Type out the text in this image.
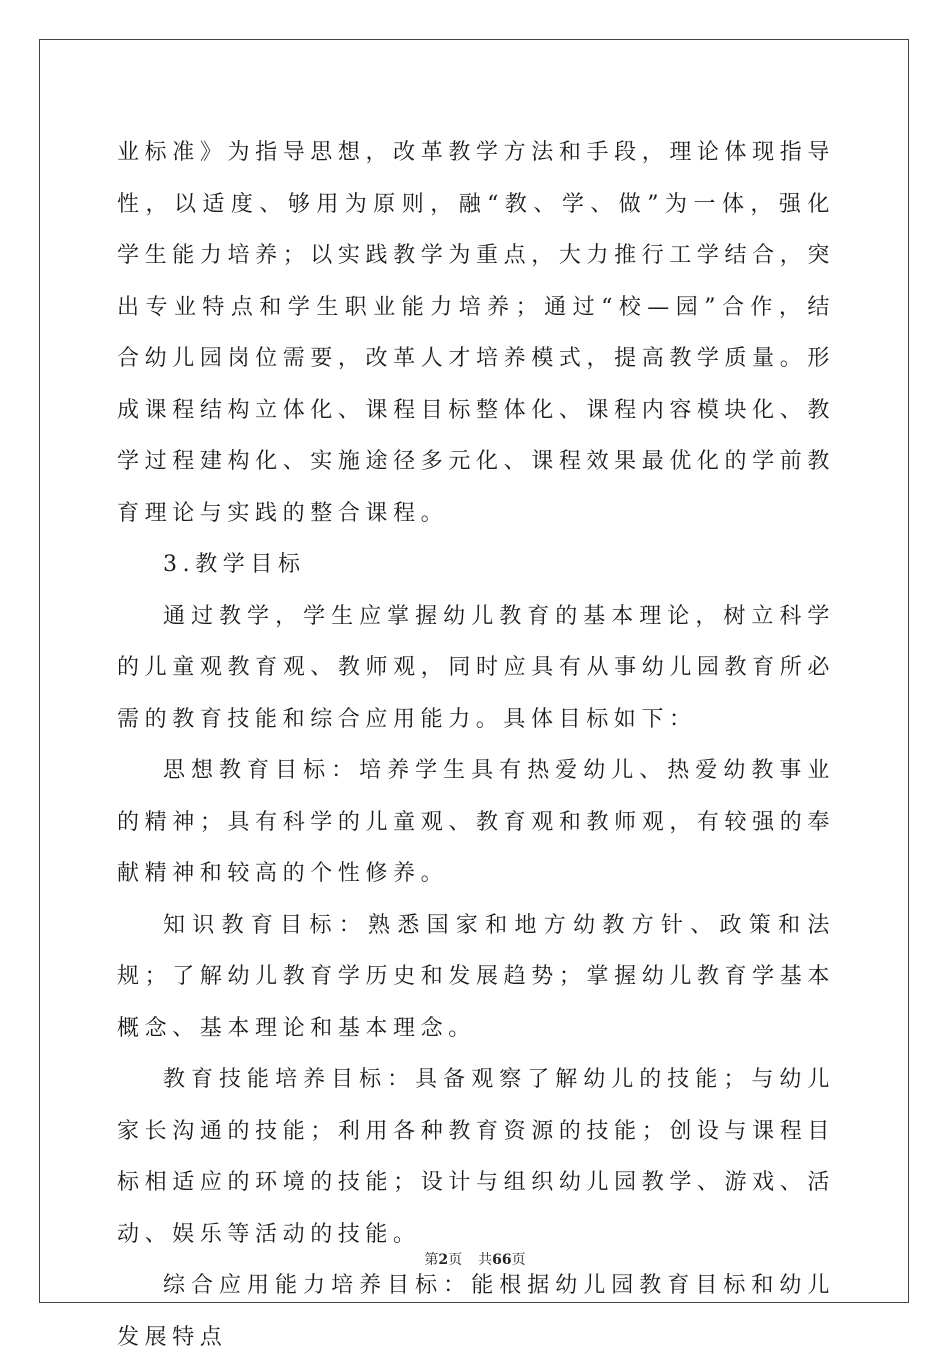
业标准》为指导思想，改革教学方法和手段，理论体现指导性，以适度、够用为原则，融“教、学、做”为一体，强化学生能力培养；以实践教学为重点，大力推行工学结合，突出专业特点和学生职业能力培养；通过“校—园”合作，结合幼儿园岗位需要，改革人才培养模式，提高教学质量。形成课程结构立体化、课程目标整体化、课程内容模块化、教学过程建构化、实施途径多元化、课程效果最优化的学前教育理论与实践的整合课程。

3.教学目标

通过教学，学生应掌握幼儿教育的基本理论，树立科学的儿童观教育观、教师观，同时应具有从事幼儿园教育所必需的教育技能和综合应用能力。具体目标如下：

思想教育目标：培养学生具有热爱幼儿、热爱幼教事业的精神；具有科学的儿童观、教育观和教师观，有较强的奉献精神和较高的个性修养。

知识教育目标：熟悉国家和地方幼教方针、政策和法规；了解幼儿教育学历史和发展趋势；掌握幼儿教育学基本概念、基本理论和基本理念。

教育技能培养目标：具备观察了解幼儿的技能；与幼儿家长沟通的技能；利用各种教育资源的技能；创设与课程目标相适应的环境的技能；设计与组织幼儿园教学、游戏、活动、娱乐等活动的技能。

综合应用能力培养目标：能根据幼儿园教育目标和幼儿发展特点

第2页 共66页
